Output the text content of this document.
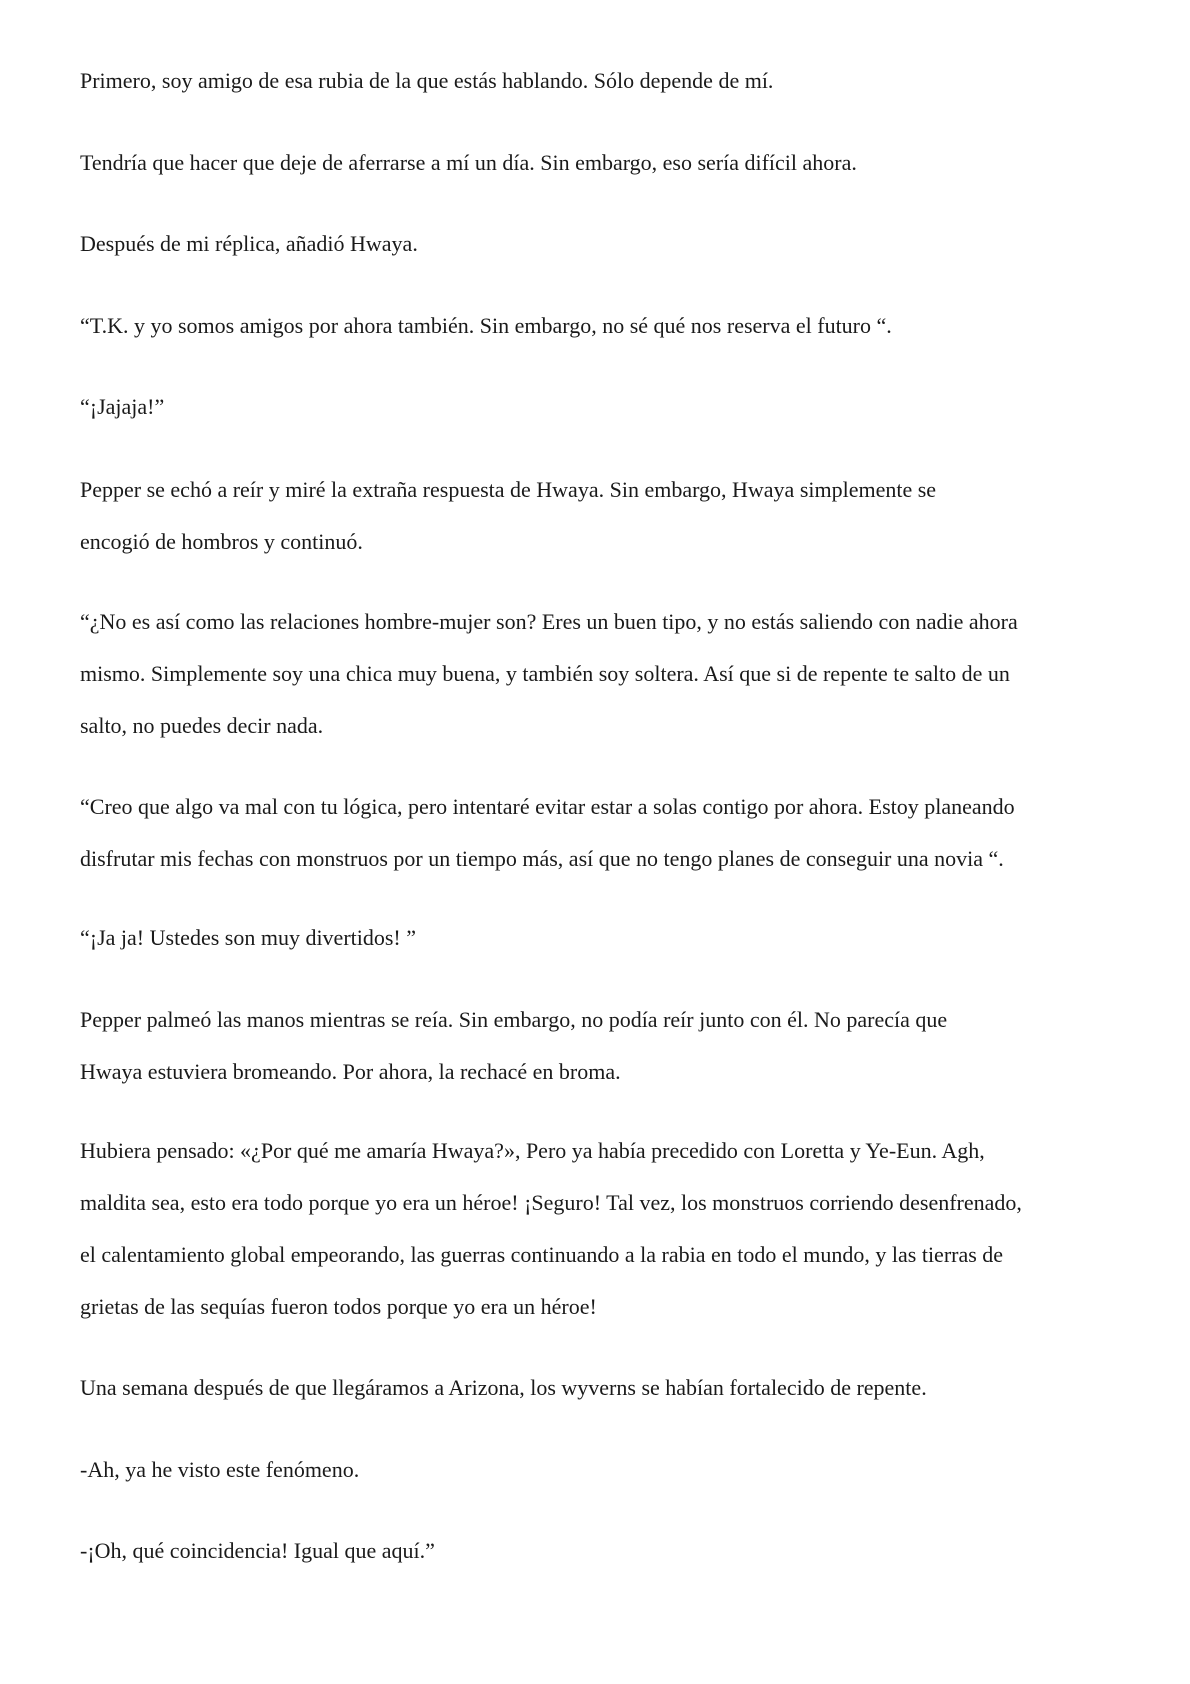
Primero, soy amigo de esa rubia de la que estás hablando. Sólo depende de mí.

Tendría que hacer que deje de aferrarse a mí un día. Sin embargo, eso sería difícil ahora.

Después de mi réplica, añadió Hwaya.

“T.K. y yo somos amigos por ahora también. Sin embargo, no sé qué nos reserva el futuro “.

“¡Jajaja!”

Pepper se echó a reír y miré la extraña respuesta de Hwaya. Sin embargo, Hwaya simplemente se
encogió de hombros y continuó.

“¿No es así como las relaciones hombre-mujer son? Eres un buen tipo, y no estás saliendo con nadie ahora
mismo. Simplemente soy una chica muy buena, y también soy soltera. Así que si de repente te salto de un
salto, no puedes decir nada.

“Creo que algo va mal con tu lógica, pero intentaré evitar estar a solas contigo por ahora. Estoy planeando
disfrutar mis fechas con monstruos por un tiempo más, así que no tengo planes de conseguir una novia “.

“¡Ja ja! Ustedes son muy divertidos! ”

Pepper palmeó las manos mientras se reía. Sin embargo, no podía reír junto con él. No parecía que
Hwaya estuviera bromeando. Por ahora, la rechacé en broma.

Hubiera pensado: «¿Por qué me amaría Hwaya?», Pero ya había precedido con Loretta y Ye-Eun. Agh,
maldita sea, esto era todo porque yo era un héroe! ¡Seguro! Tal vez, los monstruos corriendo desenfrenado,
el calentamiento global empeorando, las guerras continuando a la rabia en todo el mundo, y las tierras de
grietas de las sequías fueron todos porque yo era un héroe!

Una semana después de que llegáramos a Arizona, los wyverns se habían fortalecido de repente.

-Ah, ya he visto este fenómeno.

-¡Oh, qué coincidencia! Igual que aquí.”
